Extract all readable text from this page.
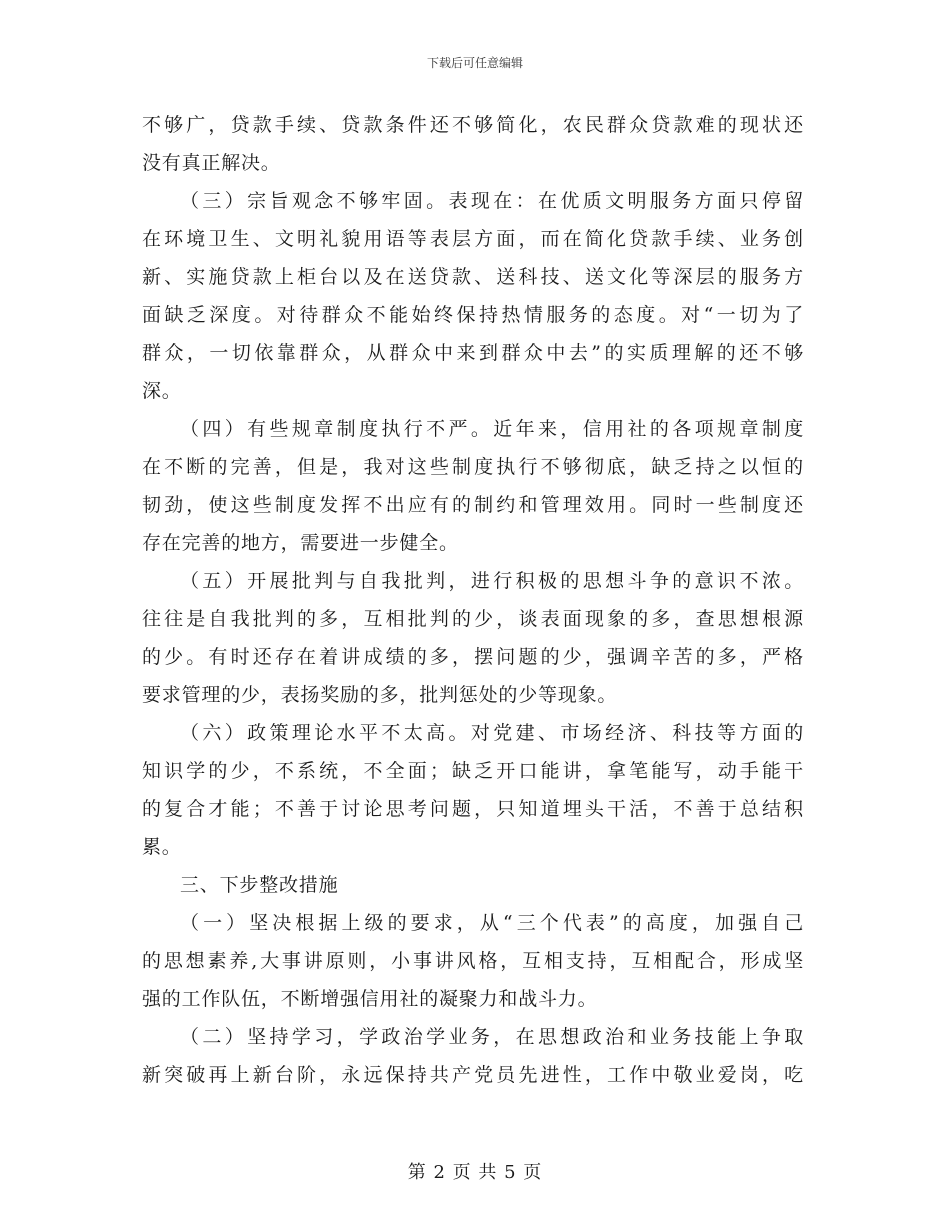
下载后可任意编辑
不够广，贷款手续、贷款条件还不够简化，农民群众贷款难的现状还
没有真正解决。
（三）宗旨观念不够牢固。表现在：在优质文明服务方面只停留
在环境卫生、文明礼貌用语等表层方面，而在简化贷款手续、业务创
新、实施贷款上柜台以及在送贷款、送科技、送文化等深层的服务方
面缺乏深度。对待群众不能始终保持热情服务的态度。对“一切为了
群众，一切依靠群众，从群众中来到群众中去”的实质理解的还不够
深。
（四）有些规章制度执行不严。近年来，信用社的各项规章制度
在不断的完善，但是，我对这些制度执行不够彻底，缺乏持之以恒的
韧劲，使这些制度发挥不出应有的制约和管理效用。同时一些制度还
存在完善的地方，需要进一步健全。
（五）开展批判与自我批判，进行积极的思想斗争的意识不浓。
往往是自我批判的多，互相批判的少，谈表面现象的多，查思想根源
的少。有时还存在着讲成绩的多，摆问题的少，强调辛苦的多，严格
要求管理的少，表扬奖励的多，批判惩处的少等现象。
（六）政策理论水平不太高。对党建、市场经济、科技等方面的
知识学的少，不系统，不全面；缺乏开口能讲，拿笔能写，动手能干
的复合才能；不善于讨论思考问题，只知道埋头干活，不善于总结积
累。
三、下步整改措施
（一）坚决根据上级的要求，从“三个代表”的高度，加强自己
的思想素养,大事讲原则，小事讲风格，互相支持，互相配合，形成坚
强的工作队伍，不断增强信用社的凝聚力和战斗力。
（二）坚持学习，学政治学业务，在思想政治和业务技能上争取
新突破再上新台阶，永远保持共产党员先进性，工作中敬业爱岗，吃
第 2 页 共 5 页
